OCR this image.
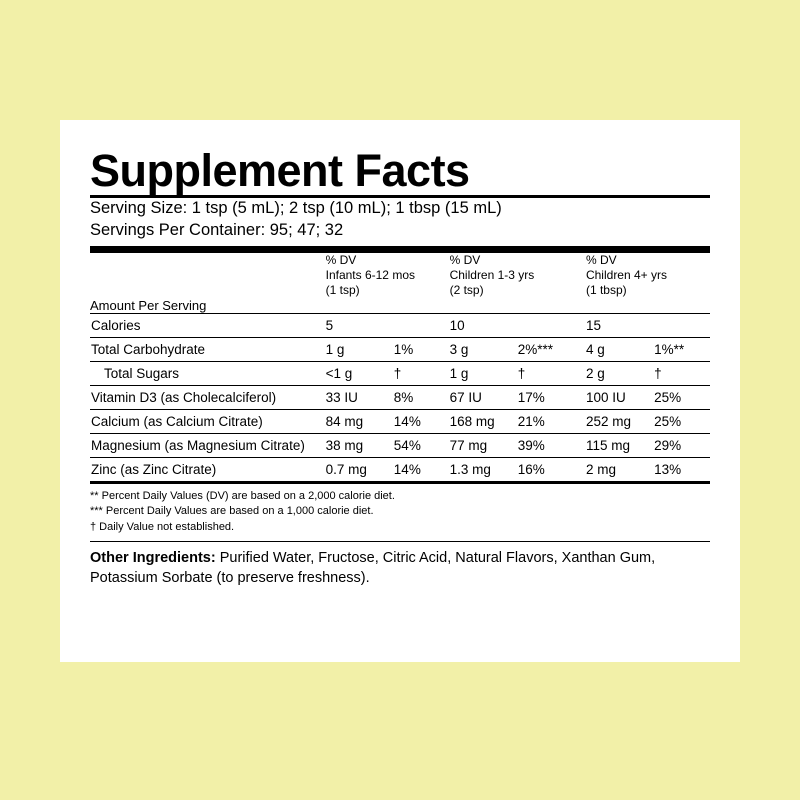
Supplement Facts
Serving Size: 1 tsp (5 mL); 2 tsp (10 mL); 1 tbsp (15 mL)
Servings Per Container: 95; 47; 32

% DV
Infants 6-12 mos
(1 tsp)

% DV
Children 1-3 yrs
(2 tsp)

% DV
Children 4+ yrs
(1 tbsp)

Amount Per Serving						
Calories	5		10		15	
Total Carbohydrate	1 g	1%	3 g	2%***	4 g	1%**
Total Sugars	<1 g	†	1 g	†	2 g	†
Vitamin D3 (as Cholecalciferol)	33 IU	8%	67 IU	17%	100 IU	25%
Calcium (as Calcium Citrate)	84 mg	14%	168 mg	21%	252 mg	25%
Magnesium (as Magnesium Citrate)	38 mg	54%	77 mg	39%	115 mg	29%
Zinc (as Zinc Citrate)	0.7 mg	14%	1.3 mg	16%	2 mg	13%
** Percent Daily Values (DV) are based on a 2,000 calorie diet.
*** Percent Daily Values are based on a 1,000 calorie diet.
† Daily Value not established.
Other Ingredients: Purified Water, Fructose, Citric Acid, Natural Flavors, Xanthan Gum, Potassium Sorbate (to preserve freshness).
